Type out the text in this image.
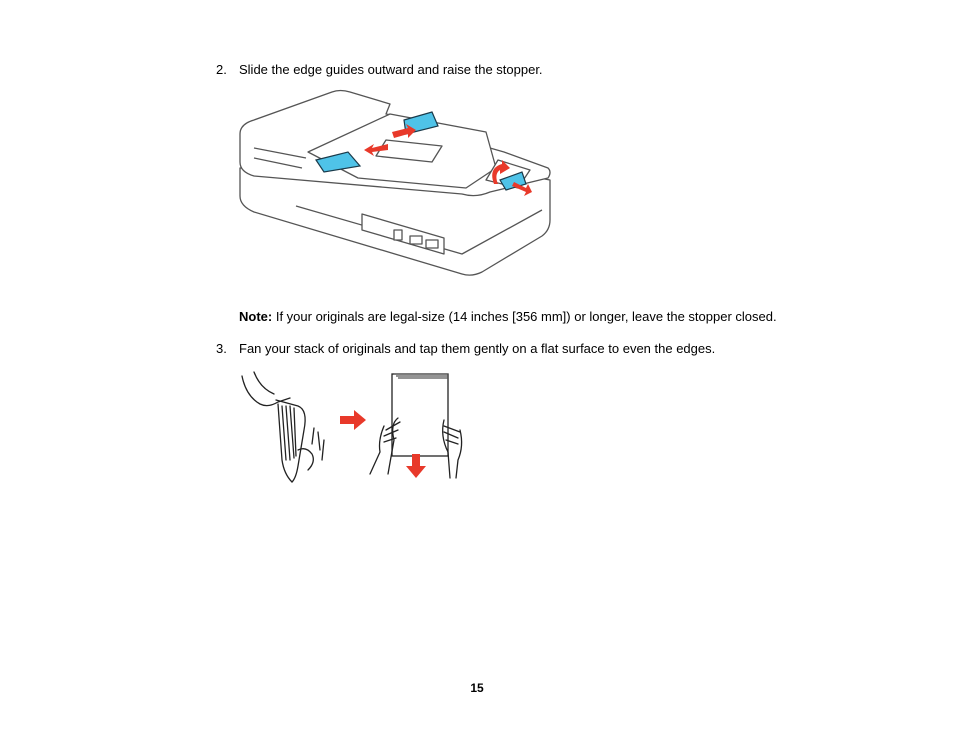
2. Slide the edge guides outward and raise the stopper.
Note: If your originals are legal-size (14 inches [356 mm]) or longer, leave the stopper closed.
3. Fan your stack of originals and tap them gently on a flat surface to even the edges.
15
